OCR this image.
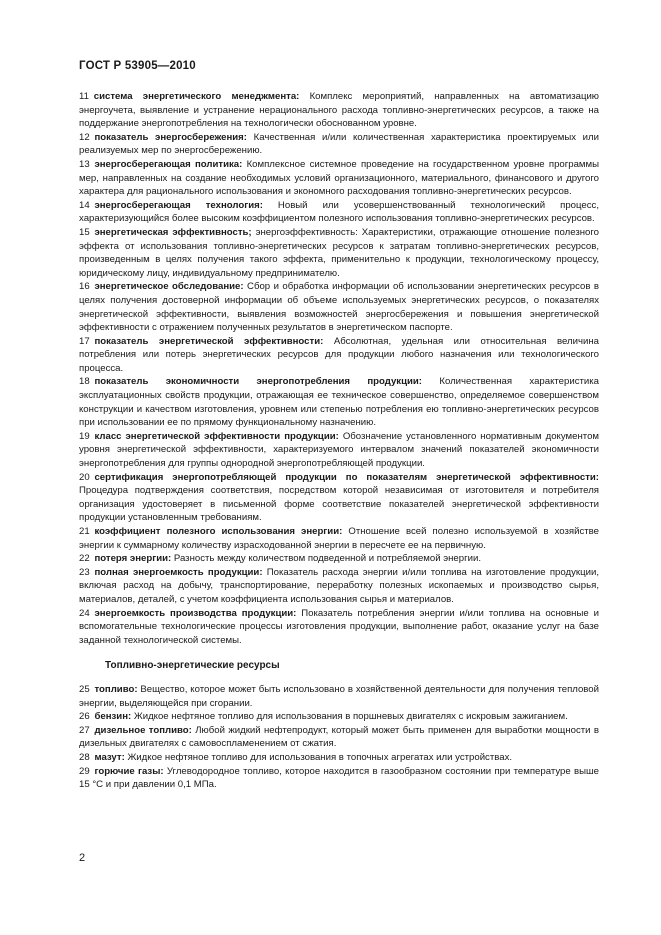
ГОСТ Р 53905—2010

11  система энергетического менеджмента: Комплекс мероприятий, направленных на автоматизацию энергоучета, выявление и устранение нерационального расхода топливно-энергетических ресурсов, а также на поддержание энергопотребления на технологически обоснованном уровне.

12  показатель энергосбережения: Качественная и/или количественная характеристика проектируемых или реализуемых мер по энергосбережению.

13  энергосберегающая политика: Комплексное системное проведение на государственном уровне программы мер, направленных на создание необходимых условий организационного, материального, финансового и другого характера для рационального использования и экономного расходования топливно-энергетических ресурсов.

14  энергосберегающая технология: Новый или усовершенствованный технологический процесс, характеризующийся более высоким коэффициентом полезного использования топливно-энергетических ресурсов.

15  энергетическая эффективность; энергоэффективность: Характеристики, отражающие отношение полезного эффекта от использования топливно-энергетических ресурсов к затратам топливно-энергетических ресурсов, произведенным в целях получения такого эффекта, применительно к продукции, технологическому процессу, юридическому лицу, индивидуальному предпринимателю.

16  энергетическое обследование: Сбор и обработка информации об использовании энергетических ресурсов в целях получения достоверной информации об объеме используемых энергетических ресурсов, о показателях энергетической эффективности, выявления возможностей энергосбережения и повышения энергетической эффективности с отражением полученных результатов в энергетическом паспорте.

17  показатель энергетической эффективности: Абсолютная, удельная или относительная величина потребления или потерь энергетических ресурсов для продукции любого назначения или технологического процесса.

18  показатель экономичности энергопотребления продукции: Количественная характеристика эксплуатационных свойств продукции, отражающая ее техническое совершенство, определяемое совершенством конструкции и качеством изготовления, уровнем или степенью потребления ею топливно-энергетических ресурсов при использовании ее по прямому функциональному назначению.

19  класс энергетической эффективности продукции: Обозначение установленного нормативным документом уровня энергетической эффективности, характеризуемого интервалом значений показателей экономичности энергопотребления для группы однородной энергопотребляющей продукции.

20  сертификация энергопотребляющей продукции по показателям энергетической эффективности: Процедура подтверждения соответствия, посредством которой независимая от изготовителя и потребителя организация удостоверяет в письменной форме соответствие показателей энергетической эффективности продукции установленным требованиям.

21  коэффициент полезного использования энергии: Отношение всей полезно используемой в хозяйстве энергии к суммарному количеству израсходованной энергии в пересчете ее на первичную.

22  потеря энергии: Разность между количеством подведенной и потребляемой энергии.

23  полная энергоемкость продукции: Показатель расхода энергии и/или топлива на изготовление продукции, включая расход на добычу, транспортирование, переработку полезных ископаемых и производство сырья, материалов, деталей, с учетом коэффициента использования сырья и материалов.

24  энергоемкость производства продукции: Показатель потребления энергии и/или топлива на основные и вспомогательные технологические процессы изготовления продукции, выполнение работ, оказание услуг на базе заданной технологической системы.

Топливно-энергетические ресурсы

25  топливо: Вещество, которое может быть использовано в хозяйственной деятельности для получения тепловой энергии, выделяющейся при сгорании.

26  бензин: Жидкое нефтяное топливо для использования в поршневых двигателях с искровым зажиганием.

27  дизельное топливо: Любой жидкий нефтепродукт, который может быть применен для выработки мощности в дизельных двигателях с самовоспламенением от сжатия.

28  мазут: Жидкое нефтяное топливо для использования в топочных агрегатах или устройствах.

29  горючие газы: Углеводородное топливо, которое находится в газообразном состоянии при температуре выше 15 °С и при давлении 0,1 МПа.

2
